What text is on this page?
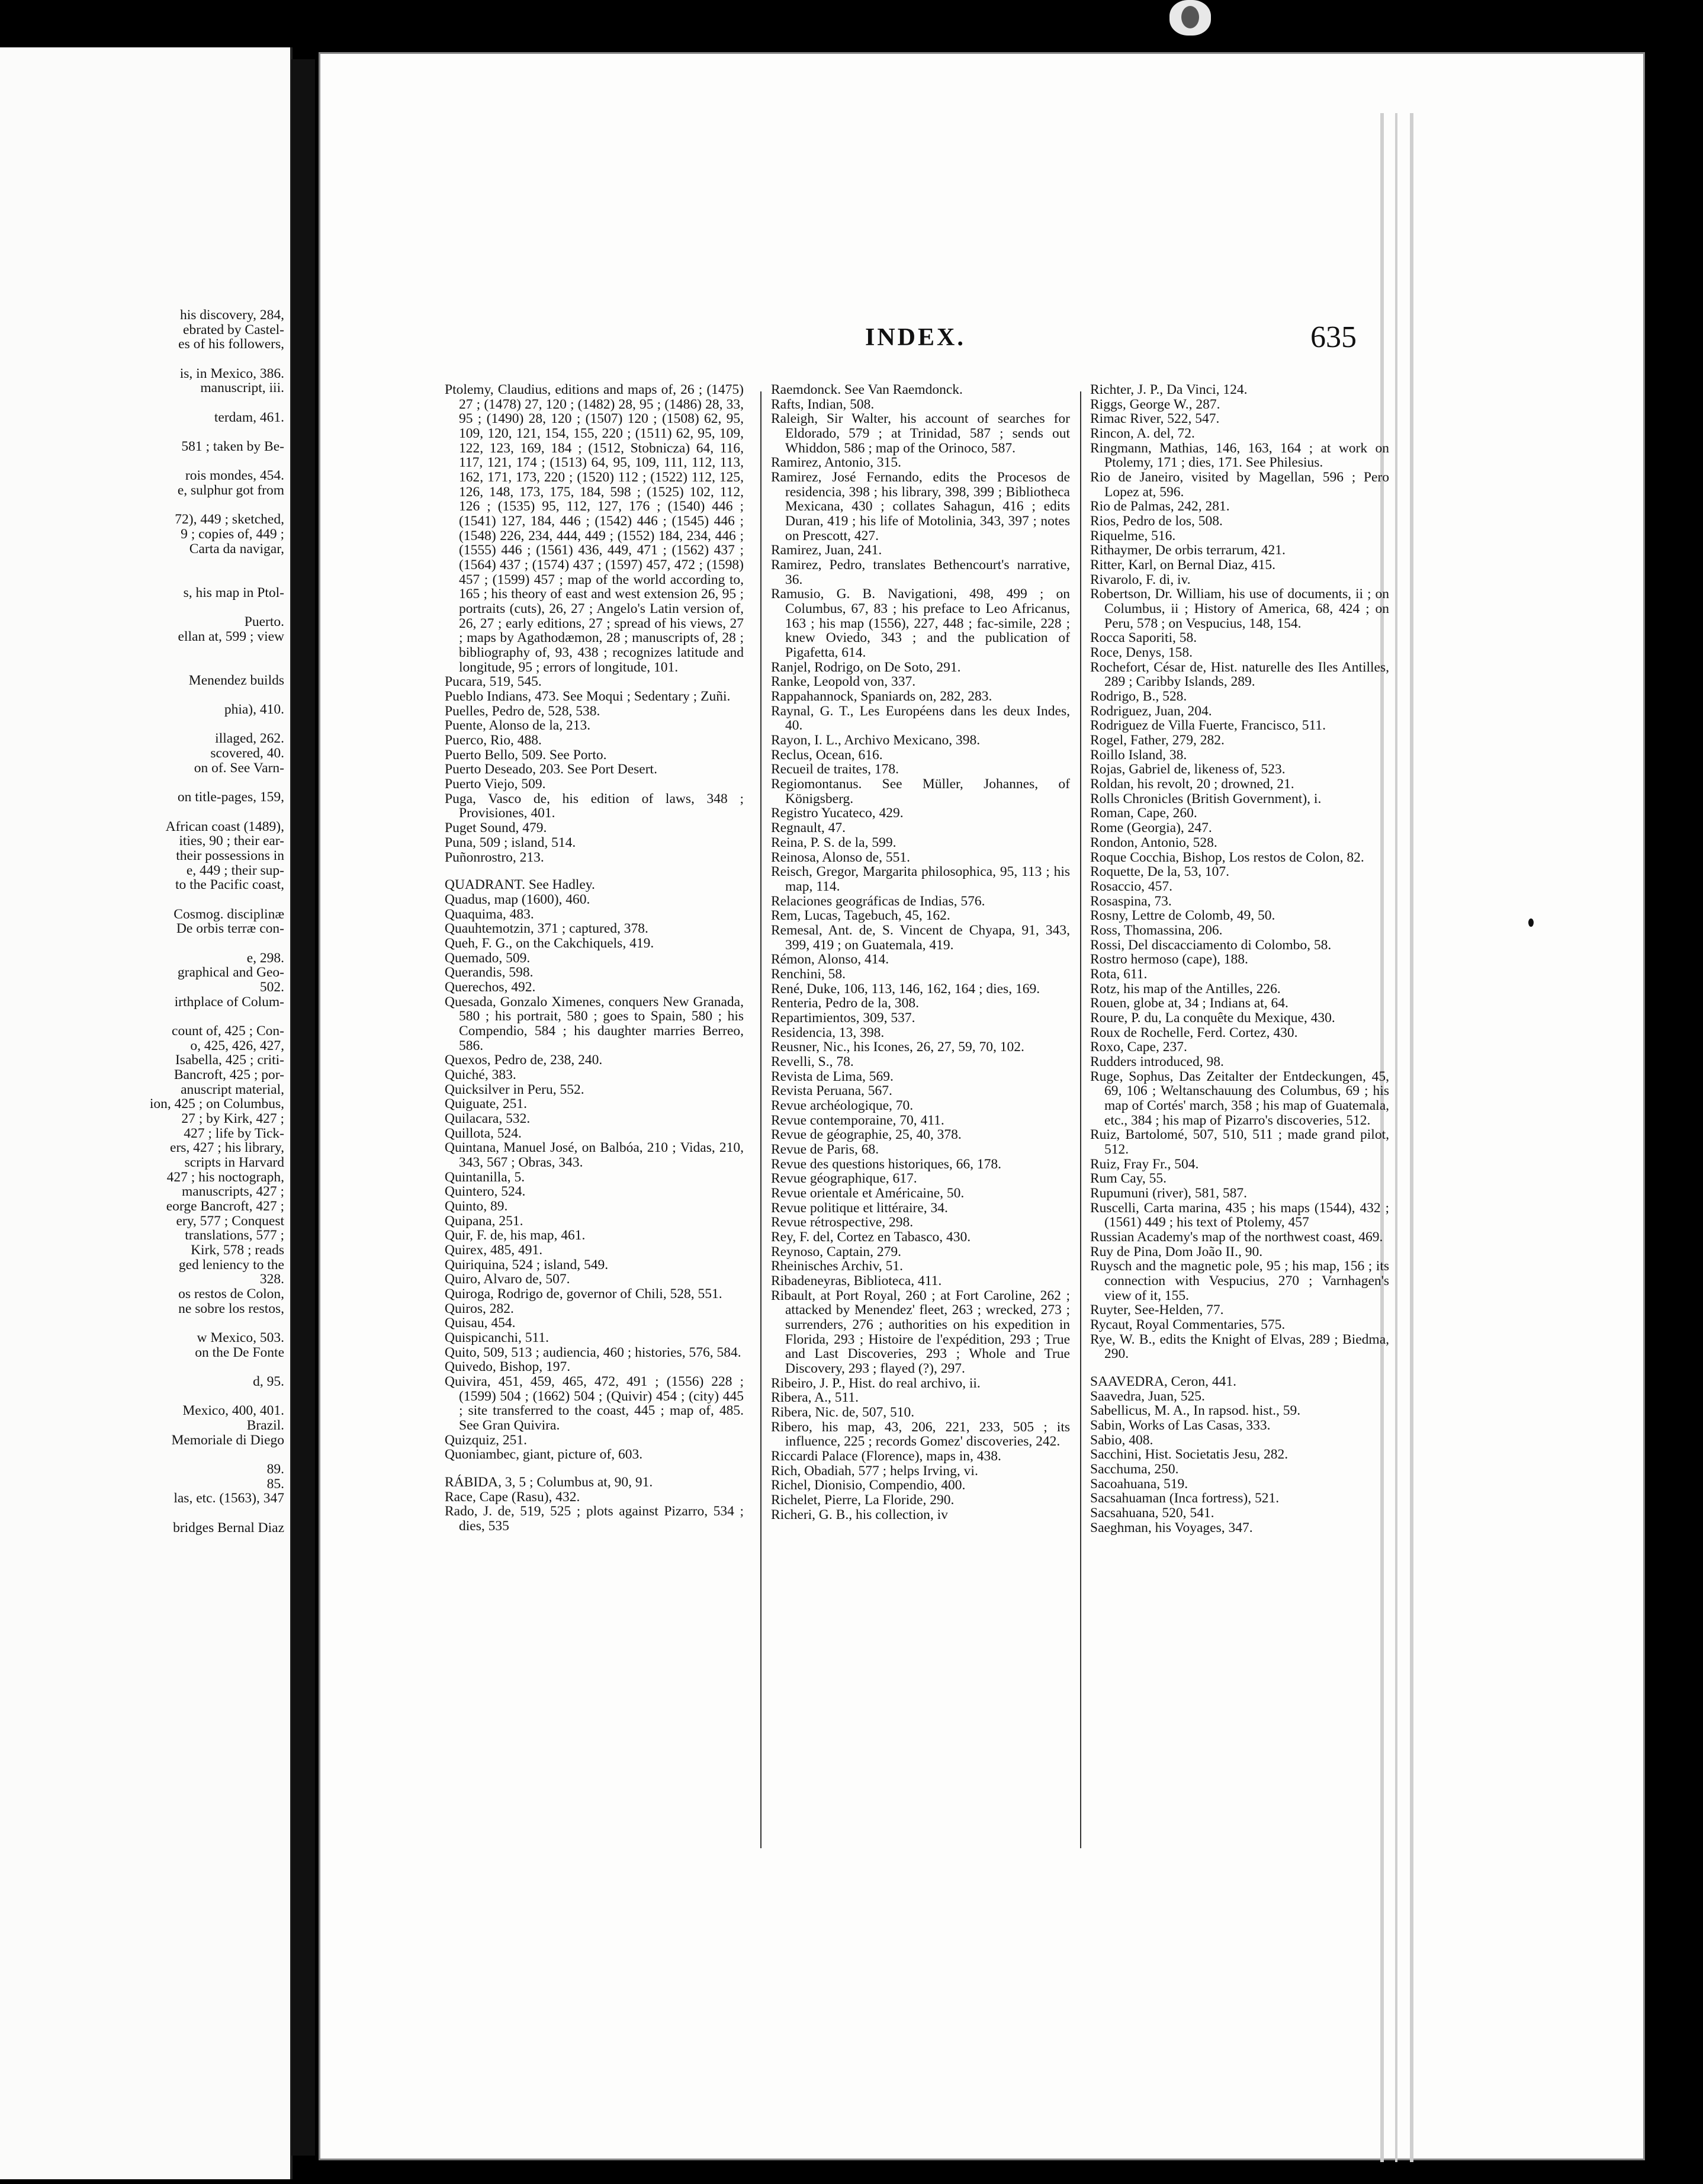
his discovery, 284,
ebrated by Castel-
es of his followers,

is, in Mexico, 386.
manuscript, iii.

terdam, 461.

581 ; taken by Be-

rois mondes, 454.
e, sulphur got from

72), 449 ; sketched,
9 ; copies of, 449 ;
Carta da navigar,

s, his map in Ptol-

Puerto.
ellan at, 599 ; view

Menendez builds

phia), 410.

illaged, 262.
scovered, 40.
on of. See Varn-

on title-pages, 159,

African coast (1489),
ities, 90 ; their ear-
their possessions in
e, 449 ; their sup-
to the Pacific coast,

Cosmog. disciplinæ
De orbis terræ con-

e, 298.
graphical and Geo-
502.
irthplace of Colum-

count of, 425 ; Con-
o, 425, 426, 427,
Isabella, 425 ; criti-
Bancroft, 425 ; por-
anuscript material,
ion, 425 ; on Columbus,
27 ; by Kirk, 427 ;
427 ; life by Tick-
ers, 427 ; his library,
scripts in Harvard
427 ; his noctograph,
manuscripts, 427 ;
eorge Bancroft, 427 ;
ery, 577 ; Conquest
translations, 577 ;
Kirk, 578 ; reads
ged leniency to the
328.
os restos de Colon,
ne sobre los restos,

w Mexico, 503.
on the De Fonte

d, 95.

Mexico, 400, 401.
Brazil.
Memoriale di Diego

89.
85.
las, etc. (1563), 347

bridges Bernal Diaz
INDEX.	635

Ptolemy, Claudius, editions and maps of, 26 ; (1475) 27 ; (1478) 27, 120 ; (1482) 28, 95 ; (1486) 28, 33, 95 ; (1490) 28, 120 ; (1507) 120 ; (1508) 62, 95, 109, 120, 121, 154, 155, 220 ; (1511) 62, 95, 109, 122, 123, 169, 184 ; (1512, Stobnicza) 64, 116, 117, 121, 174 ; (1513) 64, 95, 109, 111, 112, 113, 162, 171, 173, 220 ; (1520) 112 ; (1522) 112, 125, 126, 148, 173, 175, 184, 598 ; (1525) 102, 112, 126 ; (1535) 95, 112, 127, 176 ; (1540) 446 ; (1541) 127, 184, 446 ; (1542) 446 ; (1545) 446 ; (1548) 226, 234, 444, 449 ; (1552) 184, 234, 446 ; (1555) 446 ; (1561) 436, 449, 471 ; (1562) 437 ; (1564) 437 ; (1574) 437 ; (1597) 457, 472 ; (1598) 457 ; (1599) 457 ; map of the world according to, 165 ; his theory of east and west extension 26, 95 ; portraits (cuts), 26, 27 ; Angelo's Latin version of, 26, 27 ; early editions, 27 ; spread of his views, 27 ; maps by Agathodæmon, 28 ; manuscripts of, 28 ; bibliography of, 93, 438 ; recognizes latitude and longitude, 95 ; errors of longitude, 101.

Pucara, 519, 545.

Pueblo Indians, 473. See Moqui ; Sedentary ; Zuñi.

Puelles, Pedro de, 528, 538.

Puente, Alonso de la, 213.

Puerco, Rio, 488.

Puerto Bello, 509. See Porto.

Puerto Deseado, 203. See Port Desert.

Puerto Viejo, 509.

Puga, Vasco de, his edition of laws, 348 ; Provisiones, 401.

Puget Sound, 479.

Puna, 509 ; island, 514.

Puñonrostro, 213.

QUADRANT. See Hadley.

Quadus, map (1600), 460.

Quaquima, 483.

Quauhtemotzin, 371 ; captured, 378.

Queh, F. G., on the Cakchiquels, 419.

Quemado, 509.

Querandis, 598.

Querechos, 492.

Quesada, Gonzalo Ximenes, conquers New Granada, 580 ; his portrait, 580 ; goes to Spain, 580 ; his Compendio, 584 ; his daughter marries Berreo, 586.

Quexos, Pedro de, 238, 240.

Quiché, 383.

Quicksilver in Peru, 552.

Quiguate, 251.

Quilacara, 532.

Quillota, 524.

Quintana, Manuel José, on Balbóa, 210 ; Vidas, 210, 343, 567 ; Obras, 343.

Quintanilla, 5.

Quintero, 524.

Quinto, 89.

Quipana, 251.

Quir, F. de, his map, 461.

Quirex, 485, 491.

Quiriquina, 524 ; island, 549.

Quiro, Alvaro de, 507.

Quiroga, Rodrigo de, governor of Chili, 528, 551.

Quiros, 282.

Quisau, 454.

Quispicanchi, 511.

Quito, 509, 513 ; audiencia, 460 ; histories, 576, 584.

Quivedo, Bishop, 197.

Quivira, 451, 459, 465, 472, 491 ; (1556) 228 ; (1599) 504 ; (1662) 504 ; (Quivir) 454 ; (city) 445 ; site transferred to the coast, 445 ; map of, 485. See Gran Quivira.

Quizquiz, 251.

Quoniambec, giant, picture of, 603.

RÁBIDA, 3, 5 ; Columbus at, 90, 91.

Race, Cape (Rasu), 432.

Rado, J. de, 519, 525 ; plots against Pizarro, 534 ; dies, 535

Raemdonck. See Van Raemdonck.

Rafts, Indian, 508.

Raleigh, Sir Walter, his account of searches for Eldorado, 579 ; at Trinidad, 587 ; sends out Whiddon, 586 ; map of the Orinoco, 587.

Ramirez, Antonio, 315.

Ramirez, José Fernando, edits the Procesos de residencia, 398 ; his library, 398, 399 ; Bibliotheca Mexicana, 430 ; collates Sahagun, 416 ; edits Duran, 419 ; his life of Motolinia, 343, 397 ; notes on Prescott, 427.

Ramirez, Juan, 241.

Ramirez, Pedro, translates Bethencourt's narrative, 36.

Ramusio, G. B. Navigationi, 498, 499 ; on Columbus, 67, 83 ; his preface to Leo Africanus, 163 ; his map (1556), 227, 448 ; fac-simile, 228 ; knew Oviedo, 343 ; and the publication of Pigafetta, 614.

Ranjel, Rodrigo, on De Soto, 291.

Ranke, Leopold von, 337.

Rappahannock, Spaniards on, 282, 283.

Raynal, G. T., Les Européens dans les deux Indes, 40.

Rayon, I. L., Archivo Mexicano, 398.

Reclus, Ocean, 616.

Recueil de traites, 178.

Regiomontanus. See Müller, Johannes, of Königsberg.

Registro Yucateco, 429.

Regnault, 47.

Reina, P. S. de la, 599.

Reinosa, Alonso de, 551.

Reisch, Gregor, Margarita philosophica, 95, 113 ; his map, 114.

Relaciones geográficas de Indias, 576.

Rem, Lucas, Tagebuch, 45, 162.

Remesal, Ant. de, S. Vincent de Chyapa, 91, 343, 399, 419 ; on Guatemala, 419.

Rémon, Alonso, 414.

Renchini, 58.

René, Duke, 106, 113, 146, 162, 164 ; dies, 169.

Renteria, Pedro de la, 308.

Repartimientos, 309, 537.

Residencia, 13, 398.

Reusner, Nic., his Icones, 26, 27, 59, 70, 102.

Revelli, S., 78.

Revista de Lima, 569.

Revista Peruana, 567.

Revue archéologique, 70.

Revue contemporaine, 70, 411.

Revue de géographie, 25, 40, 378.

Revue de Paris, 68.

Revue des questions historiques, 66, 178.

Revue géographique, 617.

Revue orientale et Américaine, 50.

Revue politique et littéraire, 34.

Revue rétrospective, 298.

Rey, F. del, Cortez en Tabasco, 430.

Reynoso, Captain, 279.

Rheinisches Archiv, 51.

Ribadeneyras, Biblioteca, 411.

Ribault, at Port Royal, 260 ; at Fort Caroline, 262 ; attacked by Menendez' fleet, 263 ; wrecked, 273 ; surrenders, 276 ; authorities on his expedition in Florida, 293 ; Histoire de l'expédition, 293 ; True and Last Discoveries, 293 ; Whole and True Discovery, 293 ; flayed (?), 297.

Ribeiro, J. P., Hist. do real archivo, ii.

Ribera, A., 511.

Ribera, Nic. de, 507, 510.

Ribero, his map, 43, 206, 221, 233, 505 ; its influence, 225 ; records Gomez' discoveries, 242.

Riccardi Palace (Florence), maps in, 438.

Rich, Obadiah, 577 ; helps Irving, vi.

Richel, Dionisio, Compendio, 400.

Richelet, Pierre, La Floride, 290.

Richeri, G. B., his collection, iv

Richter, J. P., Da Vinci, 124.

Riggs, George W., 287.

Rimac River, 522, 547.

Rincon, A. del, 72.

Ringmann, Mathias, 146, 163, 164 ; at work on Ptolemy, 171 ; dies, 171. See Philesius.

Rio de Janeiro, visited by Magellan, 596 ; Pero Lopez at, 596.

Rio de Palmas, 242, 281.

Rios, Pedro de los, 508.

Riquelme, 516.

Rithaymer, De orbis terrarum, 421.

Ritter, Karl, on Bernal Diaz, 415.

Rivarolo, F. di, iv.

Robertson, Dr. William, his use of documents, ii ; on Columbus, ii ; History of America, 68, 424 ; on Peru, 578 ; on Vespucius, 148, 154.

Rocca Saporiti, 58.

Roce, Denys, 158.

Rochefort, César de, Hist. naturelle des Iles Antilles, 289 ; Caribby Islands, 289.

Rodrigo, B., 528.

Rodriguez, Juan, 204.

Rodriguez de Villa Fuerte, Francisco, 511.

Rogel, Father, 279, 282.

Roillo Island, 38.

Rojas, Gabriel de, likeness of, 523.

Roldan, his revolt, 20 ; drowned, 21.

Rolls Chronicles (British Government), i.

Roman, Cape, 260.

Rome (Georgia), 247.

Rondon, Antonio, 528.

Roque Cocchia, Bishop, Los restos de Colon, 82.

Roquette, De la, 53, 107.

Rosaccio, 457.

Rosaspina, 73.

Rosny, Lettre de Colomb, 49, 50.

Ross, Thomassina, 206.

Rossi, Del discacciamento di Colombo, 58.

Rostro hermoso (cape), 188.

Rota, 611.

Rotz, his map of the Antilles, 226.

Rouen, globe at, 34 ; Indians at, 64.

Roure, P. du, La conquête du Mexique, 430.

Roux de Rochelle, Ferd. Cortez, 430.

Roxo, Cape, 237.

Rudders introduced, 98.

Ruge, Sophus, Das Zeitalter der Entdeckungen, 45, 69, 106 ; Weltanschauung des Columbus, 69 ; his map of Cortés' march, 358 ; his map of Guatemala, etc., 384 ; his map of Pizarro's discoveries, 512.

Ruiz, Bartolomé, 507, 510, 511 ; made grand pilot, 512.

Ruiz, Fray Fr., 504.

Rum Cay, 55.

Rupumuni (river), 581, 587.

Ruscelli, Carta marina, 435 ; his maps (1544), 432 ; (1561) 449 ; his text of Ptolemy, 457

Russian Academy's map of the northwest coast, 469.

Ruy de Pina, Dom João II., 90.

Ruysch and the magnetic pole, 95 ; his map, 156 ; its connection with Vespucius, 270 ; Varnhagen's view of it, 155.

Ruyter, See-Helden, 77.

Rycaut, Royal Commentaries, 575.

Rye, W. B., edits the Knight of Elvas, 289 ; Biedma, 290.

SAAVEDRA, Ceron, 441.

Saavedra, Juan, 525.

Sabellicus, M. A., In rapsod. hist., 59.

Sabin, Works of Las Casas, 333.

Sabio, 408.

Sacchini, Hist. Societatis Jesu, 282.

Sacchuma, 250.

Sacoahuana, 519.

Sacsahuaman (Inca fortress), 521.

Sacsahuana, 520, 541.

Saeghman, his Voyages, 347.
